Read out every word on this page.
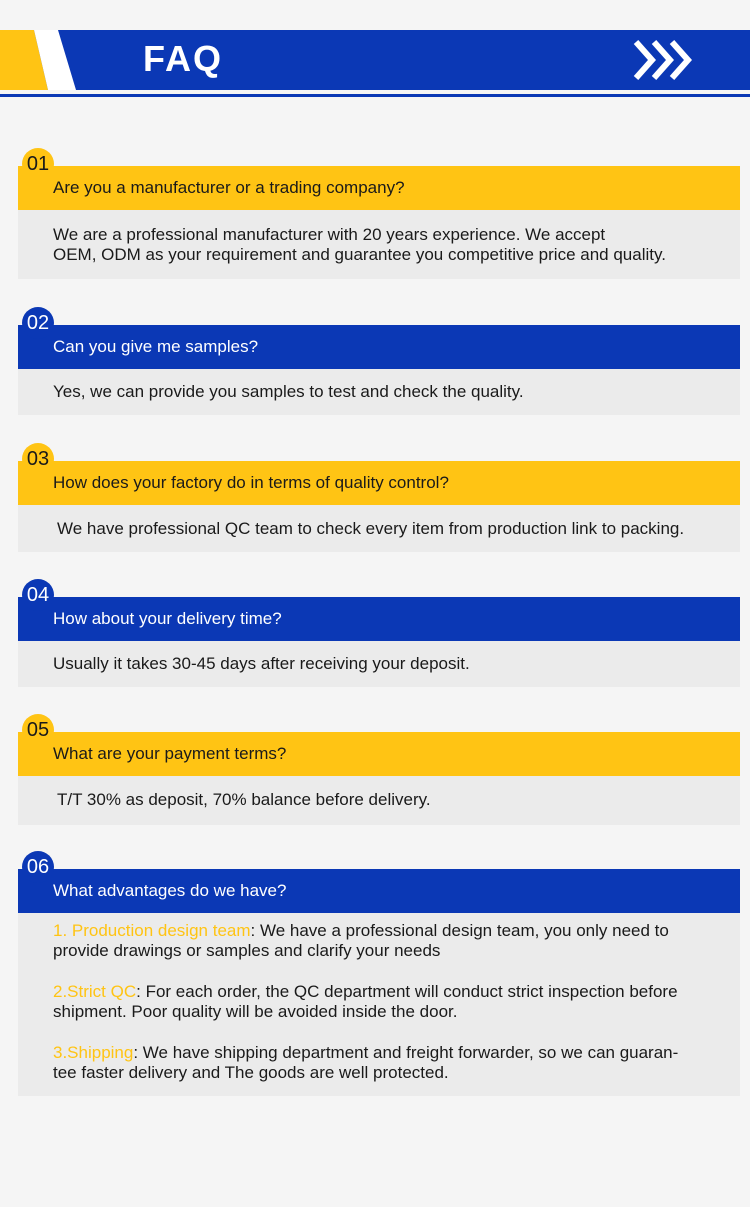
FAQ
01
Are you a manufacturer or a trading company?
We are a professional manufacturer with 20 years experience. We accept
OEM, ODM as your requirement and guarantee you competitive price and quality.
02
Can you give me samples?
Yes, we can provide you samples to test and check the quality.
03
How does your factory do in terms of quality control?
We have professional QC team to check every item from production link to packing.
04
How about your delivery time?
Usually it takes 30-45 days after receiving your deposit.
05
What are your payment terms?
T/T 30% as deposit, 70% balance before delivery.
06
What advantages do we have?
1. Production design team: We have a professional design team, you only need to
provide drawings or samples and clarify your needs
2.Strict QC: For each order, the QC department will conduct strict inspection before
shipment. Poor quality will be avoided inside the door.
3.Shipping: We have shipping department and freight forwarder, so we can guaran-
tee faster delivery and The goods are well protected.
